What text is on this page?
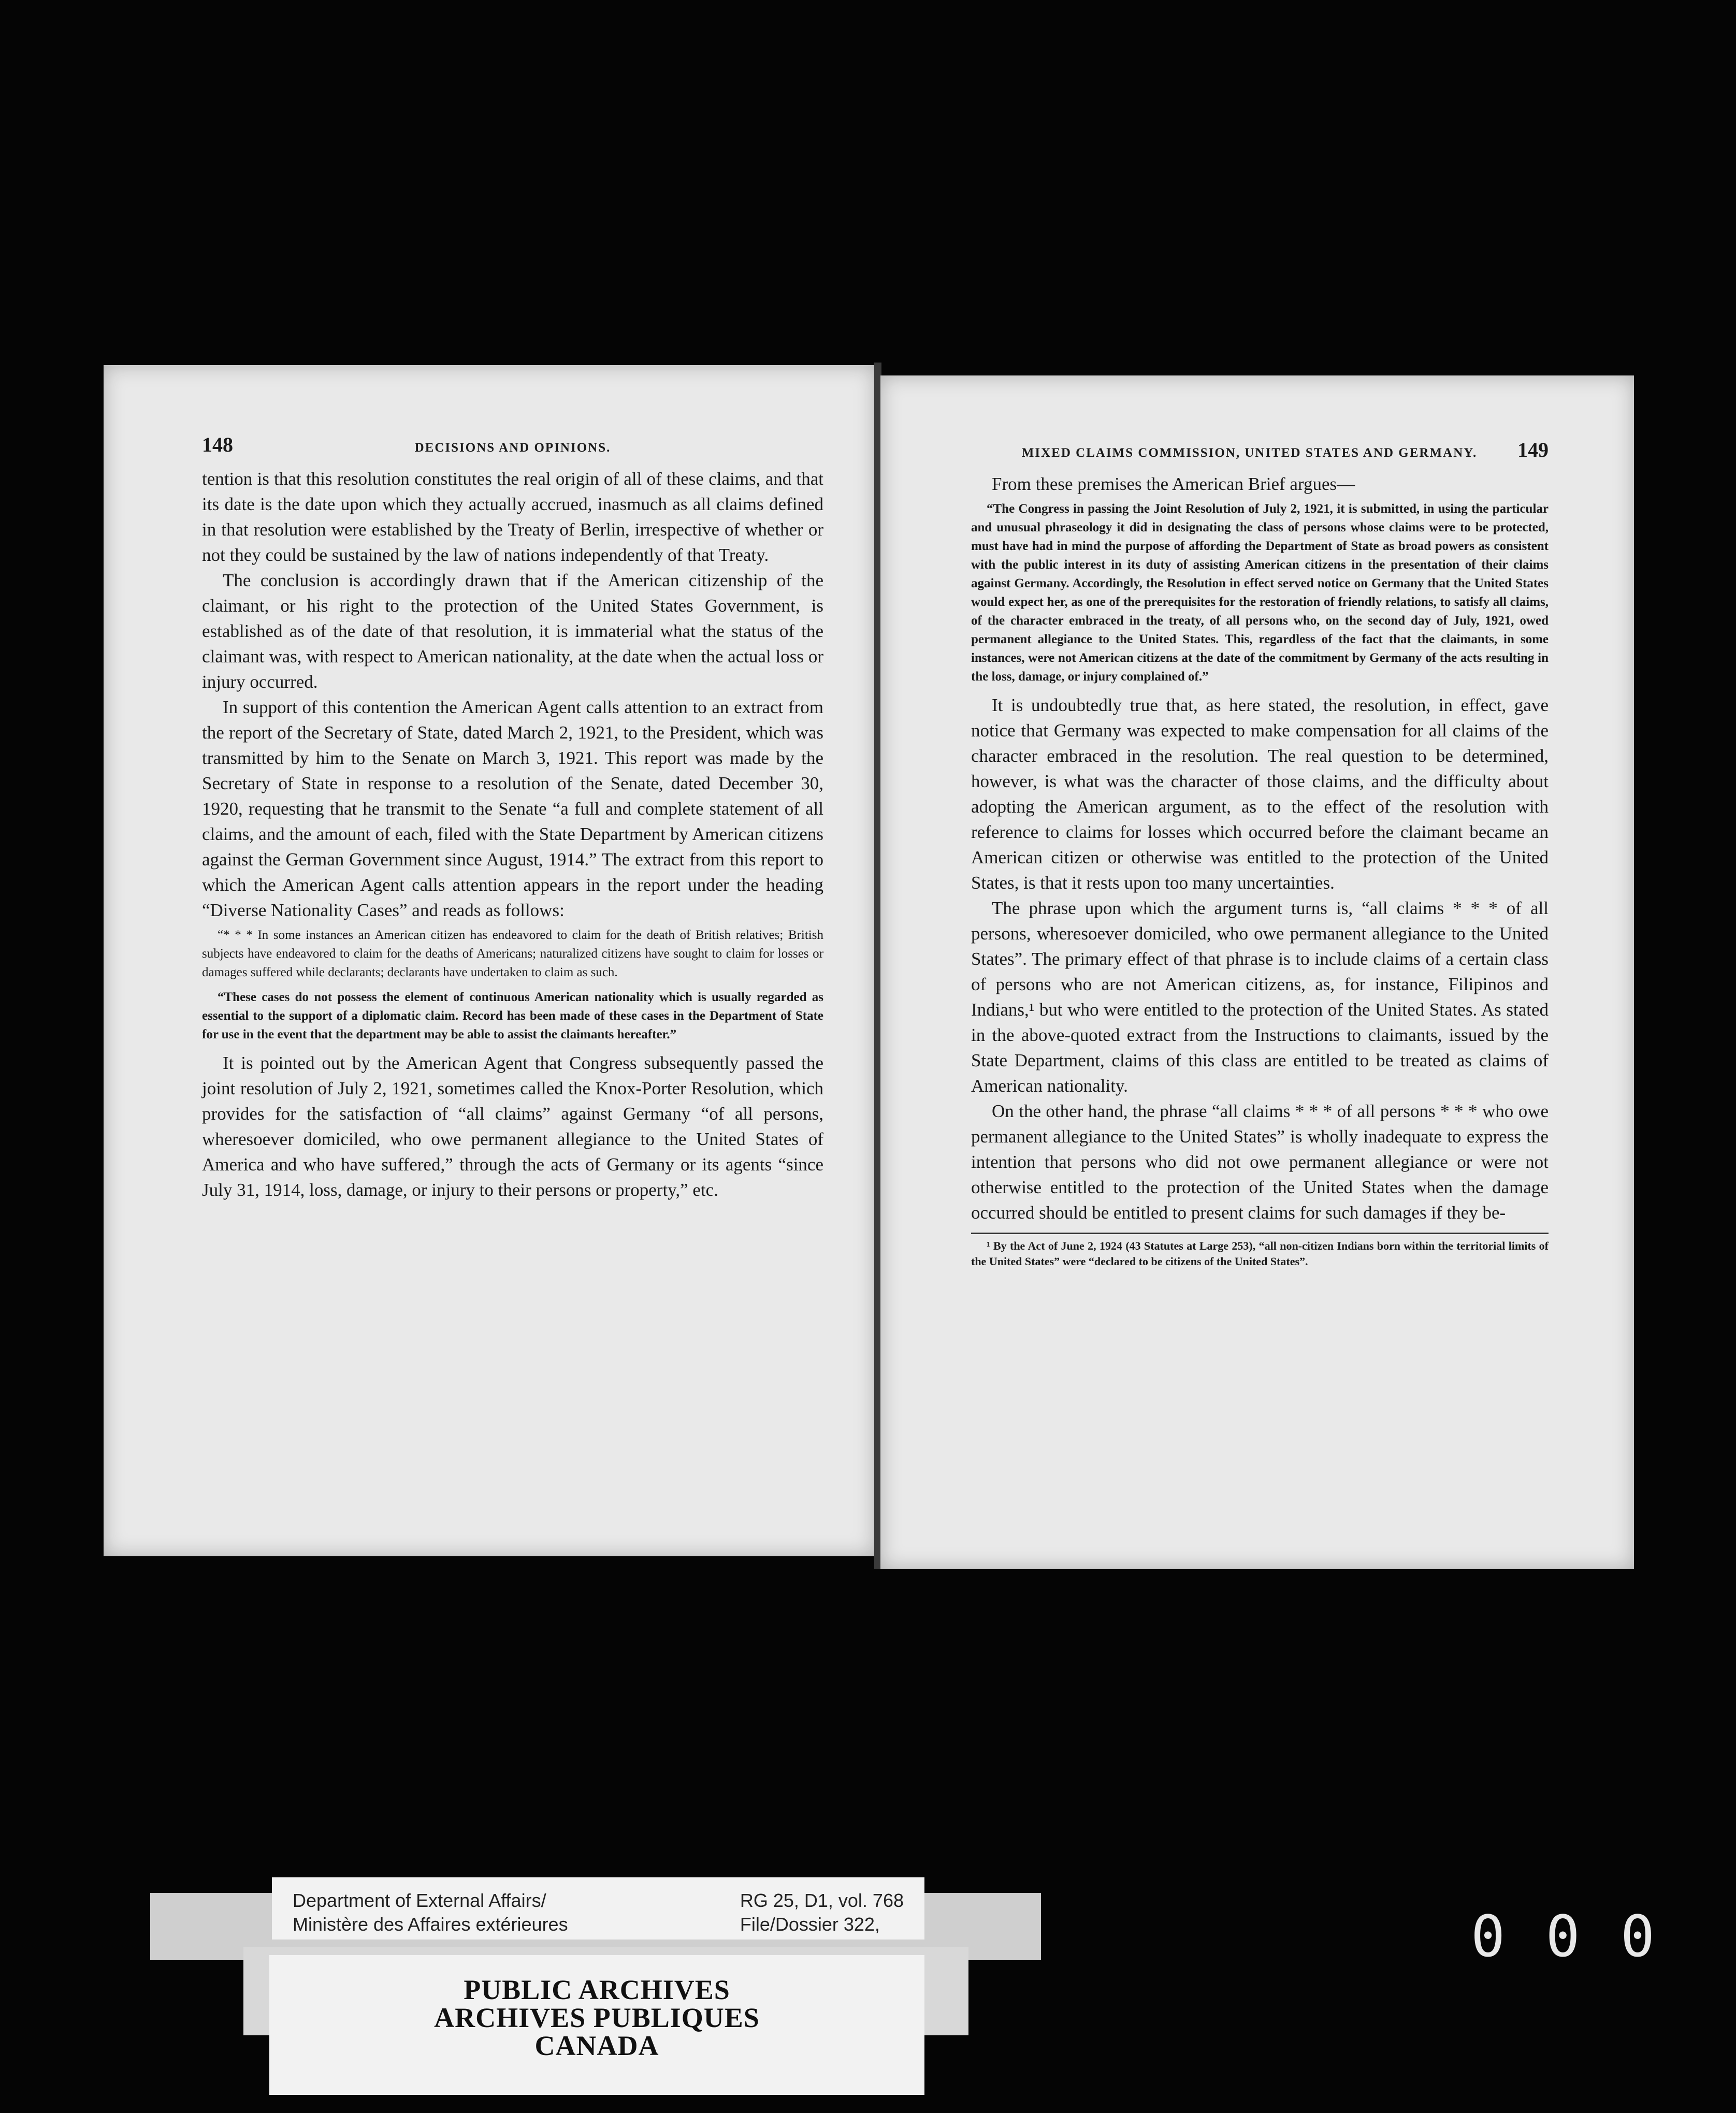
148	DECISIONS AND OPINIONS.

tention is that this resolution constitutes the real origin of all of these claims, and that its date is the date upon which they actually accrued, inasmuch as all claims defined in that resolution were established by the Treaty of Berlin, irrespective of whether or not they could be sustained by the law of nations independently of that Treaty.

The conclusion is accordingly drawn that if the American citizenship of the claimant, or his right to the protection of the United States Government, is established as of the date of that resolution, it is immaterial what the status of the claimant was, with respect to American nationality, at the date when the actual loss or injury occurred.

In support of this contention the American Agent calls attention to an extract from the report of the Secretary of State, dated March 2, 1921, to the President, which was transmitted by him to the Senate on March 3, 1921. This report was made by the Secretary of State in response to a resolution of the Senate, dated December 30, 1920, requesting that he transmit to the Senate “a full and complete statement of all claims, and the amount of each, filed with the State Department by American citizens against the German Government since August, 1914.” The extract from this report to which the American Agent calls attention appears in the report under the heading “Diverse Nationality Cases” and reads as follows:

“* * * In some instances an American citizen has endeavored to claim for the death of British relatives; British subjects have endeavored to claim for the deaths of Americans; naturalized citizens have sought to claim for losses or damages suffered while declarants; declarants have undertaken to claim as such.

“These cases do not possess the element of continuous American nationality which is usually regarded as essential to the support of a diplomatic claim. Record has been made of these cases in the Department of State for use in the event that the department may be able to assist the claimants hereafter.”

It is pointed out by the American Agent that Congress subsequently passed the joint resolution of July 2, 1921, sometimes called the Knox-Porter Resolution, which provides for the satisfaction of “all claims” against Germany “of all persons, wheresoever domiciled, who owe permanent allegiance to the United States of America and who have suffered,” through the acts of Germany or its agents “since July 31, 1914, loss, damage, or injury to their persons or property,” etc.

MIXED CLAIMS COMMISSION, UNITED STATES AND GERMANY. 149

From these premises the American Brief argues—

“The Congress in passing the Joint Resolution of July 2, 1921, it is submitted, in using the particular and unusual phraseology it did in designating the class of persons whose claims were to be protected, must have had in mind the purpose of affording the Department of State as broad powers as consistent with the public interest in its duty of assisting American citizens in the presentation of their claims against Germany. Accordingly, the Resolution in effect served notice on Germany that the United States would expect her, as one of the prerequisites for the restoration of friendly relations, to satisfy all claims, of the character embraced in the treaty, of all persons who, on the second day of July, 1921, owed permanent allegiance to the United States. This, regardless of the fact that the claimants, in some instances, were not American citizens at the date of the commitment by Germany of the acts resulting in the loss, damage, or injury complained of.”

It is undoubtedly true that, as here stated, the resolution, in effect, gave notice that Germany was expected to make compensation for all claims of the character embraced in the resolution. The real question to be determined, however, is what was the character of those claims, and the difficulty about adopting the American argument, as to the effect of the resolution with reference to claims for losses which occurred before the claimant became an American citizen or otherwise was entitled to the protection of the United States, is that it rests upon too many uncertainties.

The phrase upon which the argument turns is, “all claims * * * of all persons, wheresoever domiciled, who owe permanent allegiance to the United States”. The primary effect of that phrase is to include claims of a certain class of persons who are not American citizens, as, for instance, Filipinos and Indians,¹ but who were entitled to the protection of the United States. As stated in the above-quoted extract from the Instructions to claimants, issued by the State Department, claims of this class are entitled to be treated as claims of American nationality.

On the other hand, the phrase “all claims * * * of all persons * * * who owe permanent allegiance to the United States” is wholly inadequate to express the intention that persons who did not owe permanent allegiance or were not otherwise entitled to the protection of the United States when the damage occurred should be entitled to present claims for such damages if they be-

¹ By the Act of June 2, 1924 (43 Statutes at Large 253), “all non-citizen Indians born within the territorial limits of the United States” were “declared to be citizens of the United States”.

Department of External Affairs/
Ministère des Affaires extérieures
RG 25, D1, vol. 768
File/Dossier 322,
PUBLIC ARCHIVES
ARCHIVES PUBLIQUES
CANADA
0 0 0
